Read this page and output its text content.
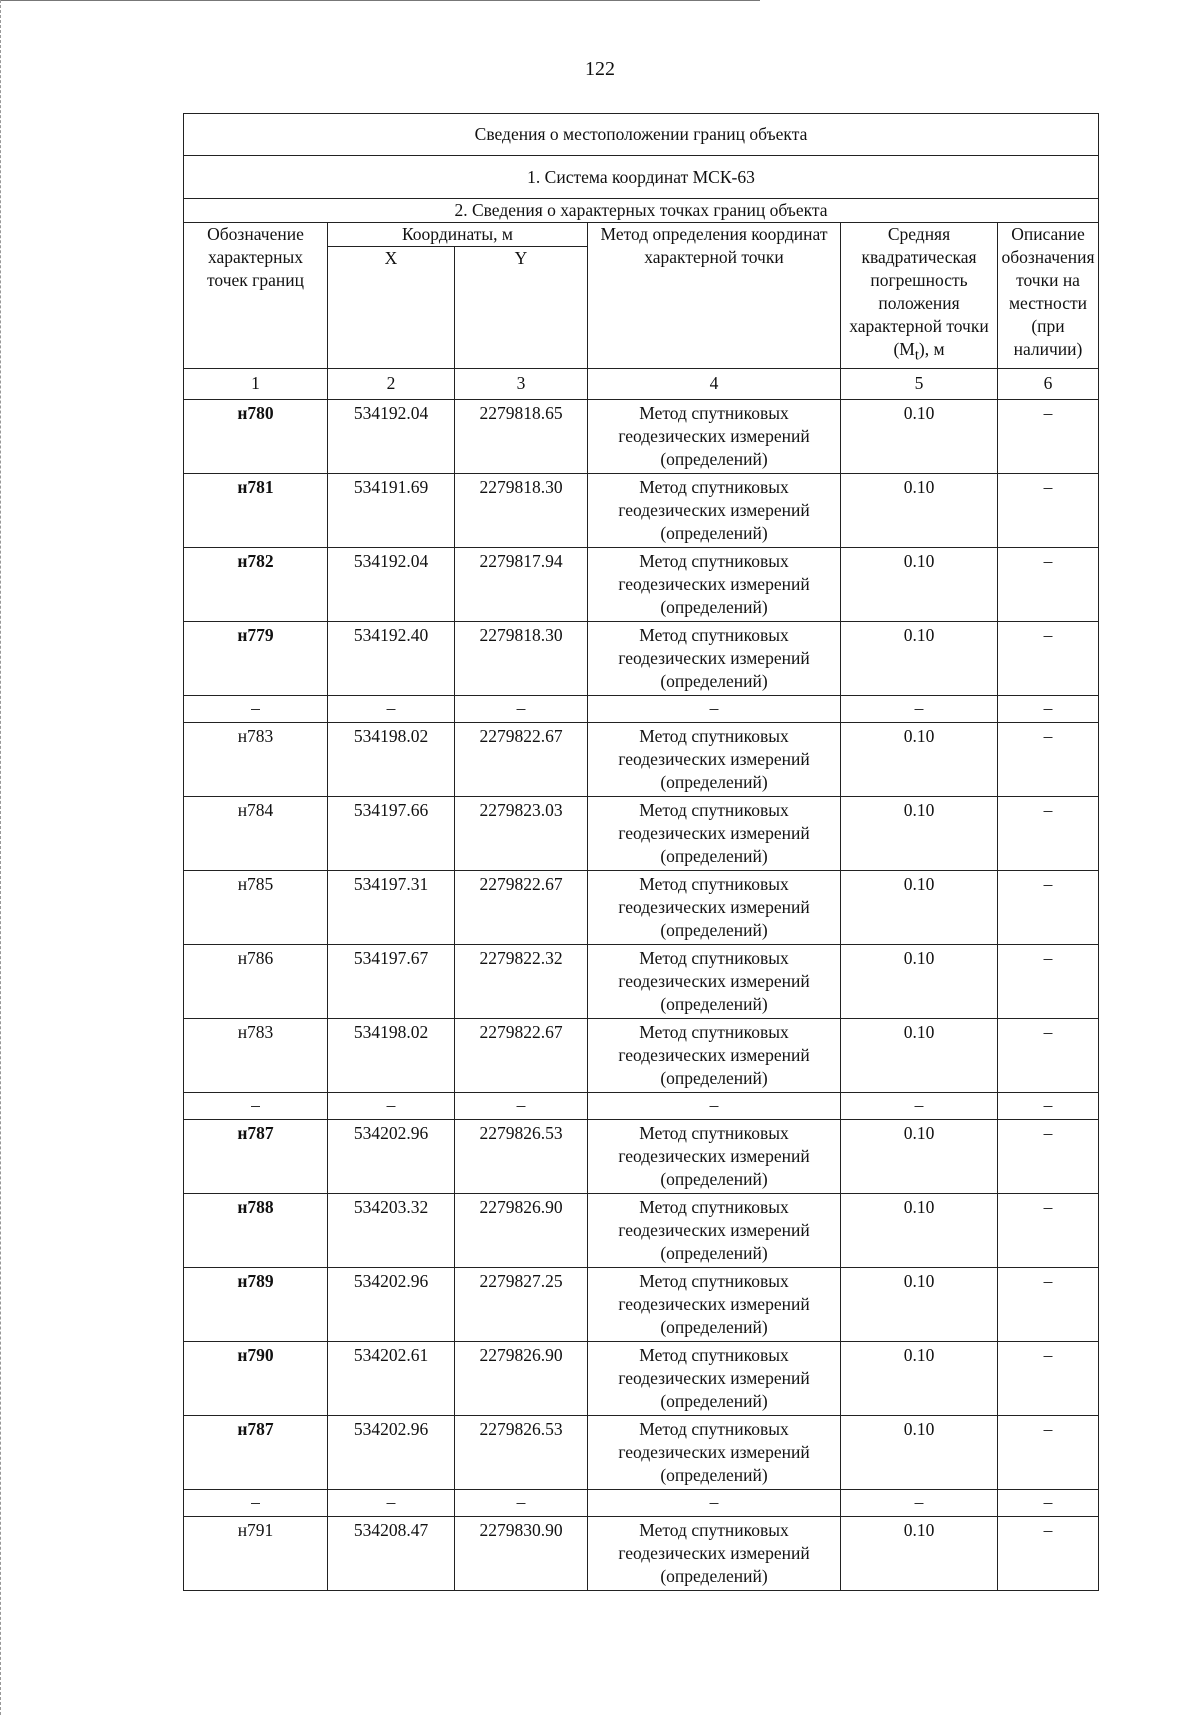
122
Сведения о местоположении границ объекта					
1. Система координат МСК-63					
2. Сведения о характерных точках границ объекта					
Обозначение характерных точек границ	Координаты, м		Метод определения координат характерной точки	Средняя квадратическая погрешность положения характерной точки $(M_t)$, м	Описание обозначения точки на местности (при наличии)
	X	Y			
1	2	3	4	5	6
н780	534192.04	2279818.65	Метод спутниковых геодезических измерений (определений)	0.10	–
н781	534191.69	2279818.30	Метод спутниковых геодезических измерений (определений)	0.10	–
н782	534192.04	2279817.94	Метод спутниковых геодезических измерений (определений)	0.10	–
н779	534192.40	2279818.30	Метод спутниковых геодезических измерений (определений)	0.10	–
–	–	–	–	–	–
н783	534198.02	2279822.67	Метод спутниковых геодезических измерений (определений)	0.10	–
н784	534197.66	2279823.03	Метод спутниковых геодезических измерений (определений)	0.10	–
н785	534197.31	2279822.67	Метод спутниковых геодезических измерений (определений)	0.10	–
н786	534197.67	2279822.32	Метод спутниковых геодезических измерений (определений)	0.10	–
н783	534198.02	2279822.67	Метод спутниковых геодезических измерений (определений)	0.10	–
–	–	–	–	–	–
н787	534202.96	2279826.53	Метод спутниковых геодезических измерений (определений)	0.10	–
н788	534203.32	2279826.90	Метод спутниковых геодезических измерений (определений)	0.10	–
н789	534202.96	2279827.25	Метод спутниковых геодезических измерений (определений)	0.10	–
н790	534202.61	2279826.90	Метод спутниковых геодезических измерений (определений)	0.10	–
н787	534202.96	2279826.53	Метод спутниковых геодезических измерений (определений)	0.10	–
–	–	–	–	–	–
н791	534208.47	2279830.90	Метод спутниковых геодезических измерений (определений)	0.10	–
